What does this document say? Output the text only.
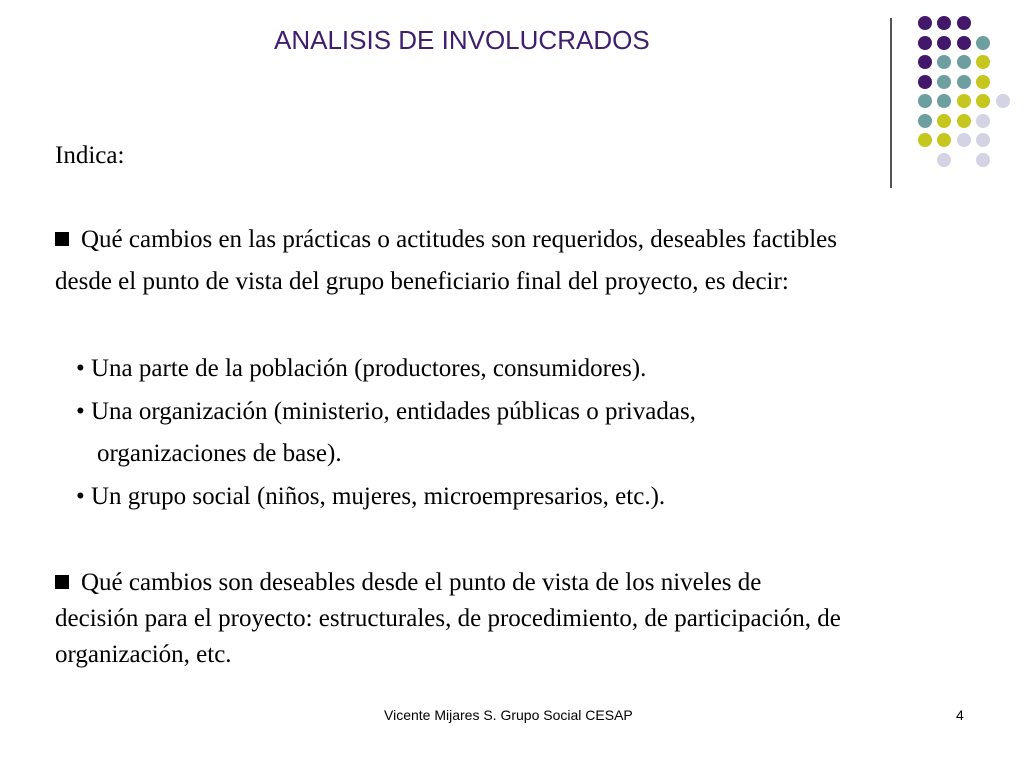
ANALISIS DE INVOLUCRADOS

Indica:

Qué cambios en las prácticas o actitudes son requeridos, deseables factibles

desde el punto de vista del grupo beneficiario final del proyecto, es decir:

• Una parte de la población (productores, consumidores).

• Una organización (ministerio, entidades públicas o privadas,

organizaciones de base).

• Un grupo social (niños, mujeres, microempresarios, etc.).

Qué cambios son deseables desde el punto de vista de los niveles de

decisión para el proyecto: estructurales, de procedimiento, de participación, de

organización, etc.

Vicente Mijares S. Grupo Social CESAP	4
